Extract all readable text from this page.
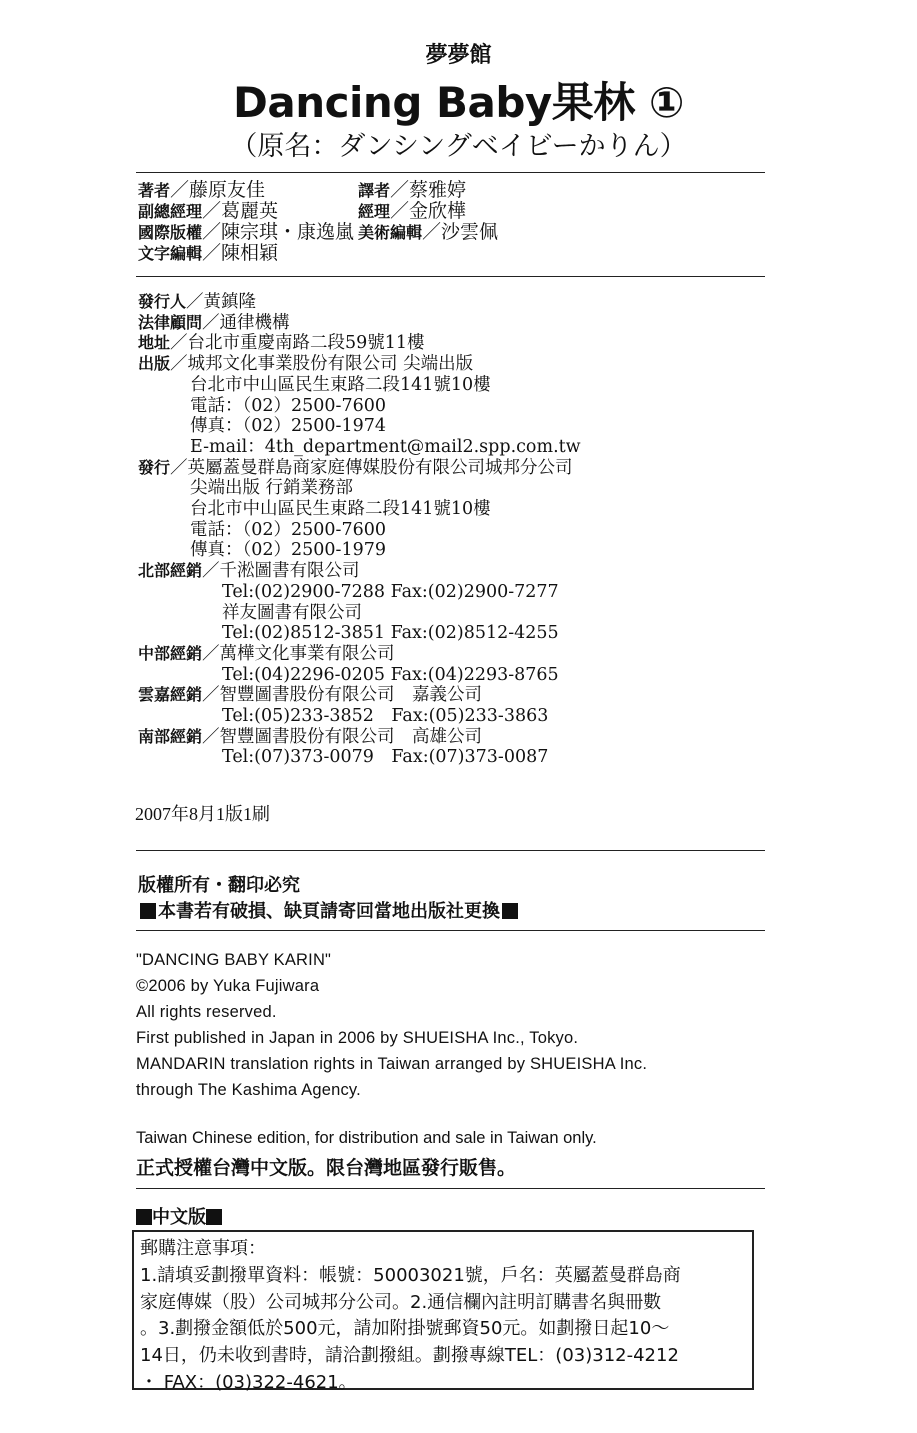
夢夢館
Dancing Baby果林 ①
（原名：ダンシングベイビーかりん）
著者／藤原友佳
副總經理／葛麗英
國際版權／陳宗琪・康逸嵐
文字編輯／陳相穎
譯者／蔡雅婷
經理／金欣樺
美術編輯／沙雲佩
發行人／黃鎮隆
法律顧問／通律機構
地址／台北市重慶南路二段59號11樓
出版／城邦文化事業股份有限公司 尖端出版
台北市中山區民生東路二段141號10樓
電話：（02）2500-7600
傳真：（02）2500-1974
E-mail：4th_department@mail2.spp.com.tw
發行／英屬蓋曼群島商家庭傳媒股份有限公司城邦分公司
尖端出版 行銷業務部
台北市中山區民生東路二段141號10樓
電話：（02）2500-7600
傳真：（02）2500-1979
北部經銷／千淞圖書有限公司
Tel:(02)2900-7288 Fax:(02)2900-7277
祥友圖書有限公司
Tel:(02)8512-3851 Fax:(02)8512-4255
中部經銷／萬樺文化事業有限公司
Tel:(04)2296-0205 Fax:(04)2293-8765
雲嘉經銷／智豐圖書股份有限公司　嘉義公司
Tel:(05)233-3852　Fax:(05)233-3863
南部經銷／智豐圖書股份有限公司　高雄公司
Tel:(07)373-0079　Fax:(07)373-0087
2007年8月1版1刷
版權所有・翻印必究
本書若有破損、缺頁請寄回當地出版社更換
"DANCING BABY KARIN"
©2006 by Yuka Fujiwara
All rights reserved.
First published in Japan in 2006 by SHUEISHA Inc., Tokyo.
MANDARIN translation rights in Taiwan arranged by SHUEISHA Inc.
through The Kashima Agency.
Taiwan Chinese edition, for distribution and sale in Taiwan only.
正式授權台灣中文版。限台灣地區發行販售。
中文版
郵購注意事項：
1.請填妥劃撥單資料：帳號：50003021號，戶名：英屬蓋曼群島商
家庭傳媒（股）公司城邦分公司。2.通信欄內註明訂購書名與冊數
。3.劃撥金額低於500元，請加附掛號郵資50元。如劃撥日起10～
14日，仍未收到書時，請洽劃撥組。劃撥專線TEL：(03)312-4212
・ FAX：(03)322-4621。
